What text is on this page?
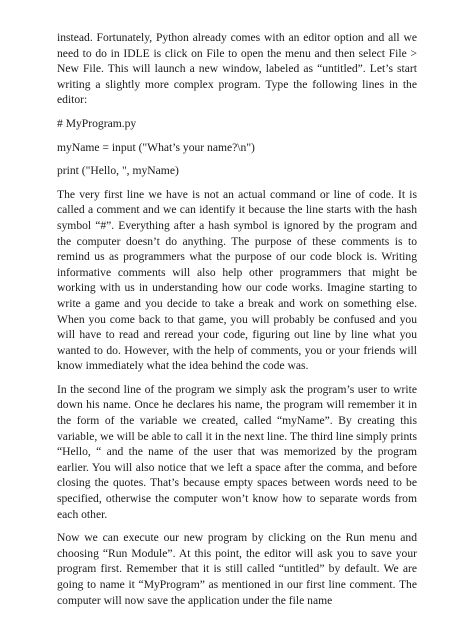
instead. Fortunately, Python already comes with an editor option and all we need to do in IDLE is click on File to open the menu and then select File > New File. This will launch a new window, labeled as “untitled”. Let’s start writing a slightly more complex program. Type the following lines in the editor:

# MyProgram.py

myName = input ("What’s your name?\n")

print ("Hello, ", myName)

The very first line we have is not an actual command or line of code. It is called a comment and we can identify it because the line starts with the hash symbol “#”. Everything after a hash symbol is ignored by the program and the computer doesn’t do anything. The purpose of these comments is to remind us as programmers what the purpose of our code block is. Writing informative comments will also help other programmers that might be working with us in understanding how our code works. Imagine starting to write a game and you decide to take a break and work on something else. When you come back to that game, you will probably be confused and you will have to read and reread your code, figuring out line by line what you wanted to do. However, with the help of comments, you or your friends will know immediately what the idea behind the code was.

In the second line of the program we simply ask the program’s user to write down his name. Once he declares his name, the program will remember it in the form of the variable we created, called “myName”. By creating this variable, we will be able to call it in the next line. The third line simply prints “Hello, “ and the name of the user that was memorized by the program earlier. You will also notice that we left a space after the comma, and before closing the quotes. That’s because empty spaces between words need to be specified, otherwise the computer won’t know how to separate words from each other.

Now we can execute our new program by clicking on the Run menu and choosing “Run Module”. At this point, the editor will ask you to save your program first. Remember that it is still called “untitled” by default. We are going to name it “MyProgram” as mentioned in our first line comment. The computer will now save the application under the file name
